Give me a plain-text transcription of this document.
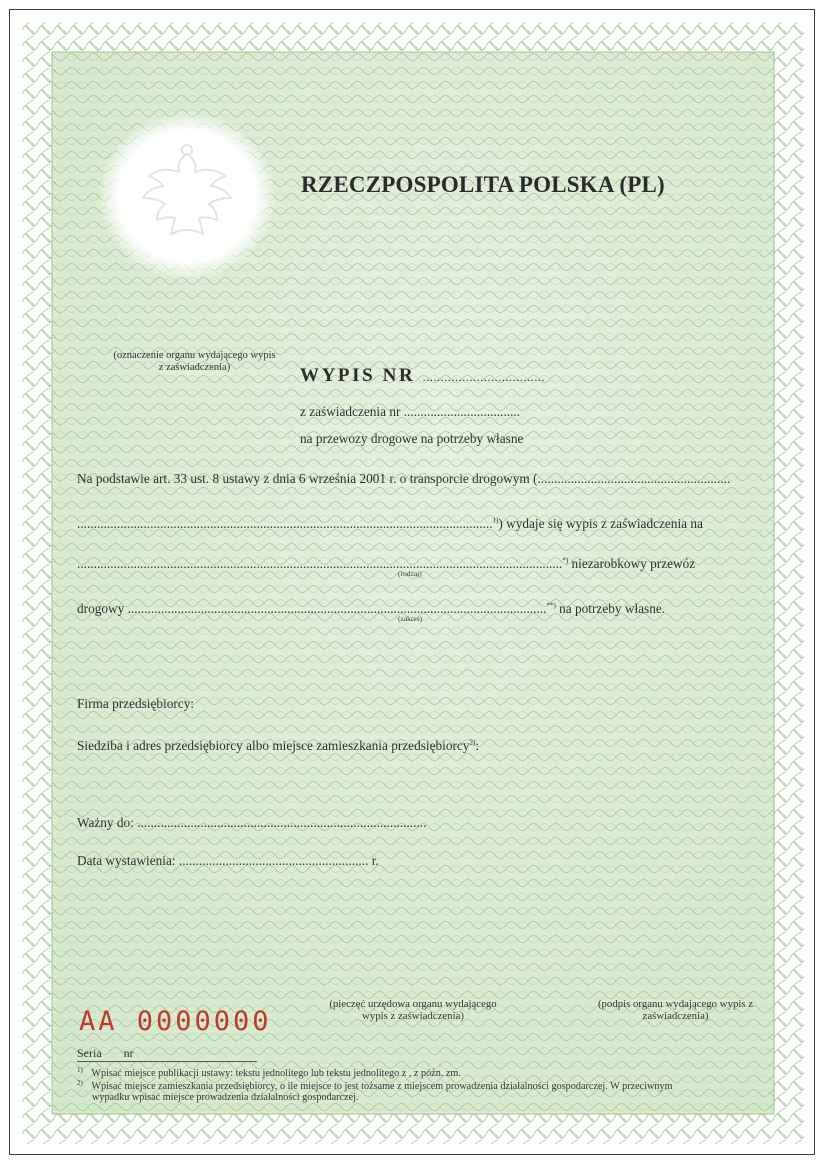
RZECZPOSPOLITA POLSKA (PL)
(oznaczenie organu wydającego wypis z zaświadczenia)	WYPIS NR ..................................
z zaświadczenia nr ...................................
na przewozy drogowe na potrzeby własne
Na podstawie art. 33 ust. 8 ustawy z dnia 6 września 2001 r. o transporcie drogowym (..........................................................
.............................................................................................................................$^{1)}$) wydaje się wypis z zaświadczenia na
..................................................................................................................................................*) niezarobkowy przewóz
(rodzaj)
drogowy ..............................................................................................................................**) na potrzeby własne.
(zakres)
Firma przedsiębiorcy:
Siedziba i adres przedsiębiorcy albo miejsce zamieszkania przedsiębiorcy$^{2)}$:
Ważny do: .......................................................................................
Data wystawienia: ......................................................... r.
AA 0000000
(pieczęć urzędowa organu wydającego wypis z zaświadczenia)
(podpis organu wydającego wypis z zaświadczenia)
Seria nr
$^{1)}$ Wpisać miejsce publikacji ustawy: tekstu jednolitego lub tekstu jednolitego z , z późn. zm.
$^{2)}$ Wpisać miejsce zamieszkania przedsiębiorcy, o ile miejsce to jest tożsame z miejscem prowadzenia działalności gospodarczej. W przeciwnym
wypadku wpisać miejsce prowadzenia działalności gospodarczej.
